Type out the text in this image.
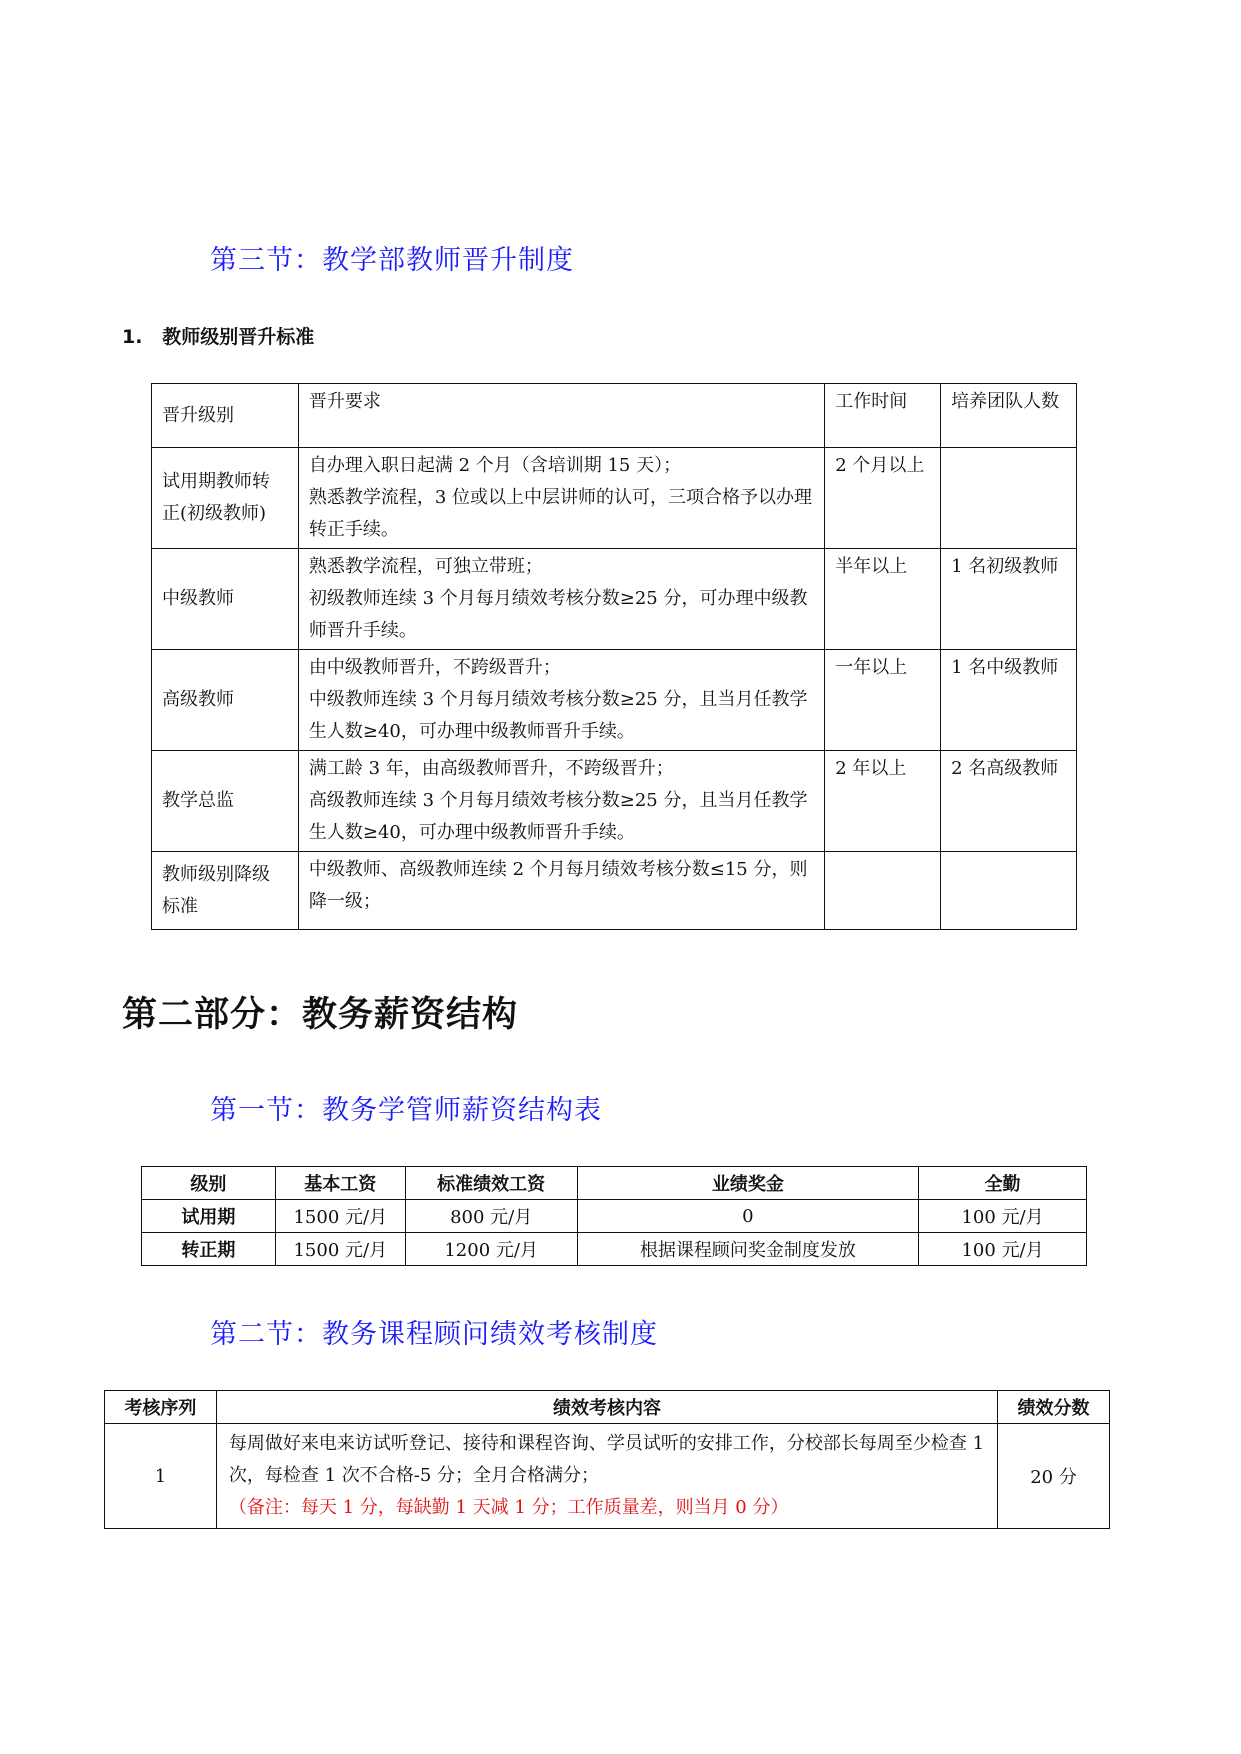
第三节：教学部教师晋升制度
1.   教师级别晋升标准
晋升级别	晋升要求	工作时间	培养团队人数
试用期教师转正(初级教师)	自办理入职日起满 2 个月（含培训期 15 天）；
熟悉教学流程，3 位或以上中层讲师的认可，三项合格予以办理转正手续。	2 个月以上	
中级教师	熟悉教学流程，可独立带班；
初级教师连续 3 个月每月绩效考核分数≥25 分，可办理中级教师晋升手续。	半年以上	1 名初级教师
高级教师	由中级教师晋升，不跨级晋升；
中级教师连续 3 个月每月绩效考核分数≥25 分，且当月任教学生人数≥40，可办理中级教师晋升手续。	一年以上	1 名中级教师
教学总监	满工龄 3 年，由高级教师晋升，不跨级晋升；
高级教师连续 3 个月每月绩效考核分数≥25 分，且当月任教学生人数≥40，可办理中级教师晋升手续。	2 年以上	2 名高级教师
教师级别降级标准	中级教师、高级教师连续 2 个月每月绩效考核分数≤15 分，则降一级；		

第二部分：教务薪资结构
第一节：教务学管师薪资结构表
级别	基本工资	标准绩效工资	业绩奖金	全勤
试用期	1500 元/月	800 元/月	0	100 元/月
转正期	1500 元/月	1200 元/月	根据课程顾问奖金制度发放	100 元/月
第二节：教务课程顾问绩效考核制度
考核序列	绩效考核内容	绩效分数
1	每周做好来电来访试听登记、接待和课程咨询、学员试听的安排工作，分校部长每周至少检查 1 次，每检查 1 次不合格-5 分；全月合格满分；
（备注：每天 1 分，每缺勤 1 天减 1 分；工作质量差，则当月 0 分）	20 分
